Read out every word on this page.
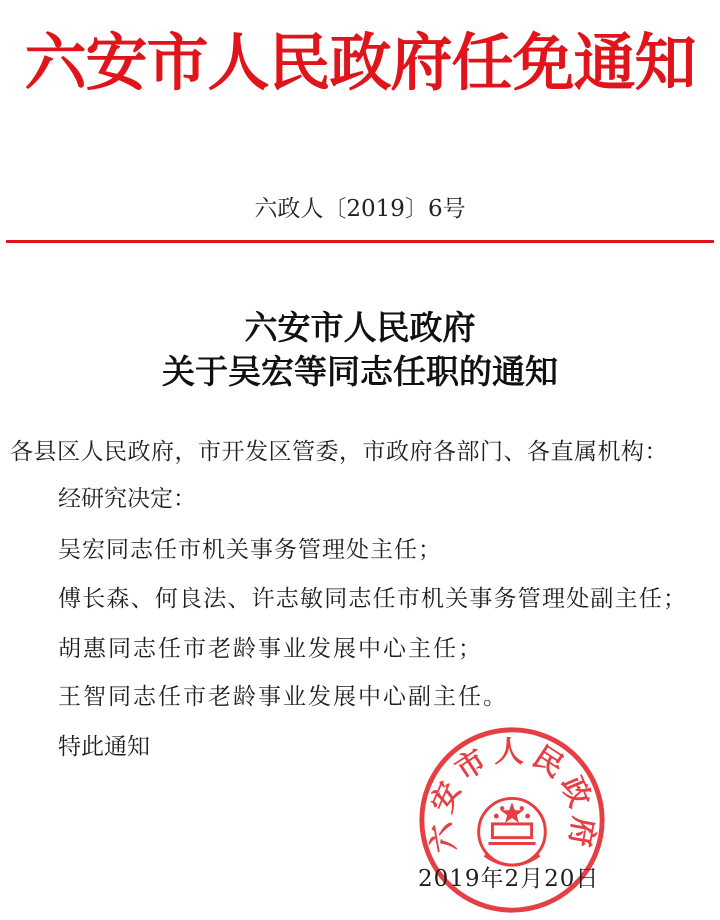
六安市人民政府任免通知
六政人〔2019〕6号
六安市人民政府
关于吴宏等同志任职的通知
各县区人民政府，市开发区管委，市政府各部门、各直属机构：
经研究决定：
吴宏同志任市机关事务管理处主任；
傅长森、何良法、许志敏同志任市机关事务管理处副主任；
胡惠同志任市老龄事业发展中心主任；
王智同志任市老龄事业发展中心副主任。
特此通知
六安市人民政府
2019年2月20日
